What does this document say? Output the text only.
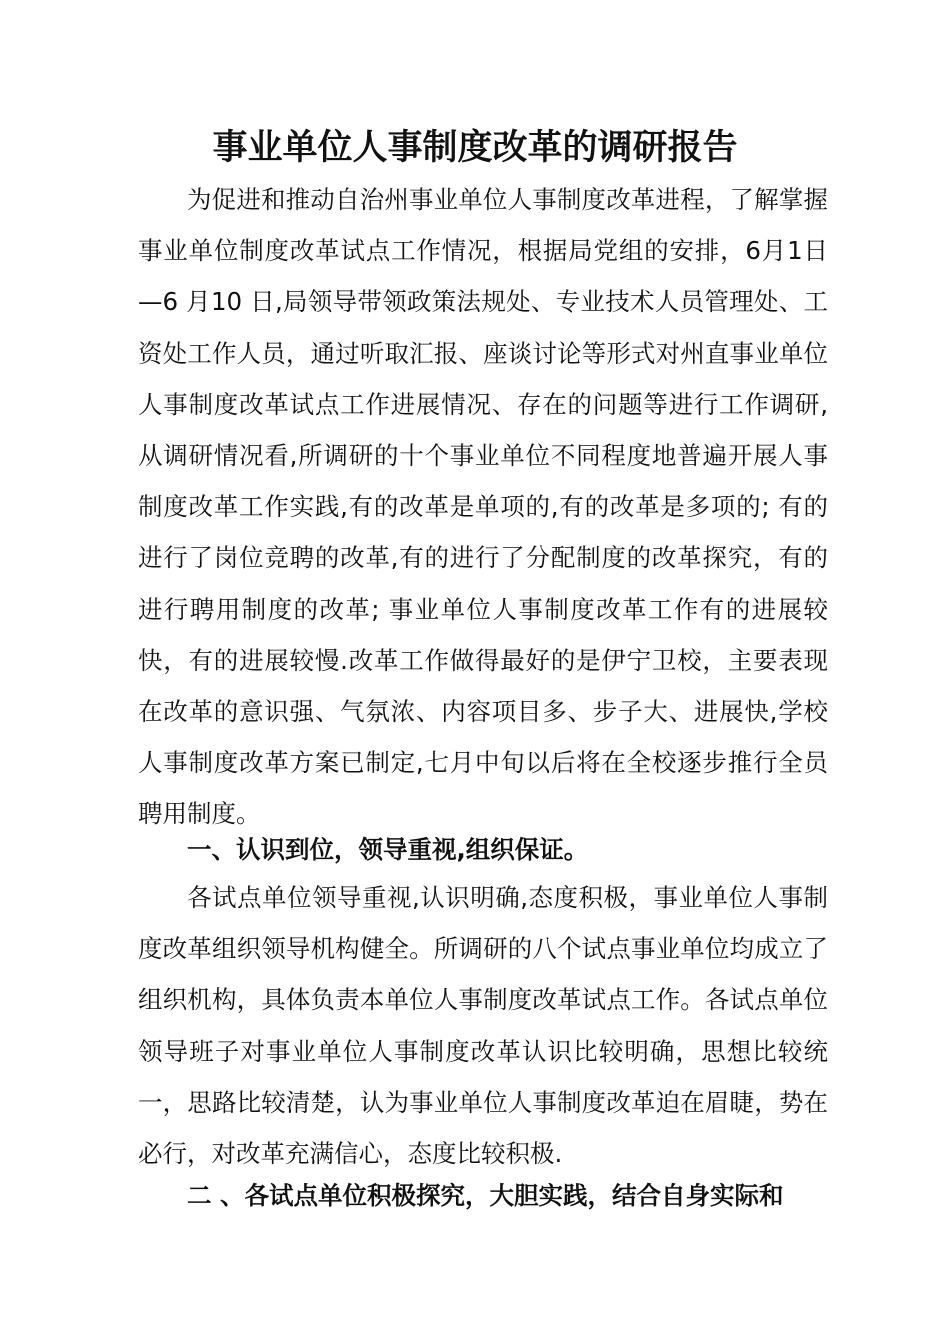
事业单位人事制度改革的调研报告

为促进和推动自治州事业单位人事制度改革进程，了解掌握事业单位制度改革试点工作情况，根据局党组的安排，6月1日—6 月10 日,局领导带领政策法规处、专业技术人员管理处、工资处工作人员，通过听取汇报、座谈讨论等形式对州直事业单位人事制度改革试点工作进展情况、存在的问题等进行工作调研,从调研情况看,所调研的十个事业单位不同程度地普遍开展人事制度改革工作实践,有的改革是单项的,有的改革是多项的; 有的进行了岗位竞聘的改革,有的进行了分配制度的改革探究，有的进行聘用制度的改革; 事业单位人事制度改革工作有的进展较快，有的进展较慢.改革工作做得最好的是伊宁卫校，主要表现在改革的意识强、气氛浓、内容项目多、步子大、进展快,学校人事制度改革方案已制定,七月中旬以后将在全校逐步推行全员聘用制度。

一、认识到位，领导重视,组织保证。

各试点单位领导重视,认识明确,态度积极，事业单位人事制度改革组织领导机构健全。所调研的八个试点事业单位均成立了组织机构，具体负责本单位人事制度改革试点工作。各试点单位领导班子对事业单位人事制度改革认识比较明确，思想比较统一，思路比较清楚，认为事业单位人事制度改革迫在眉睫，势在必行，对改革充满信心，态度比较积极.

二 、各试点单位积极探究，大胆实践，结合自身实际和
